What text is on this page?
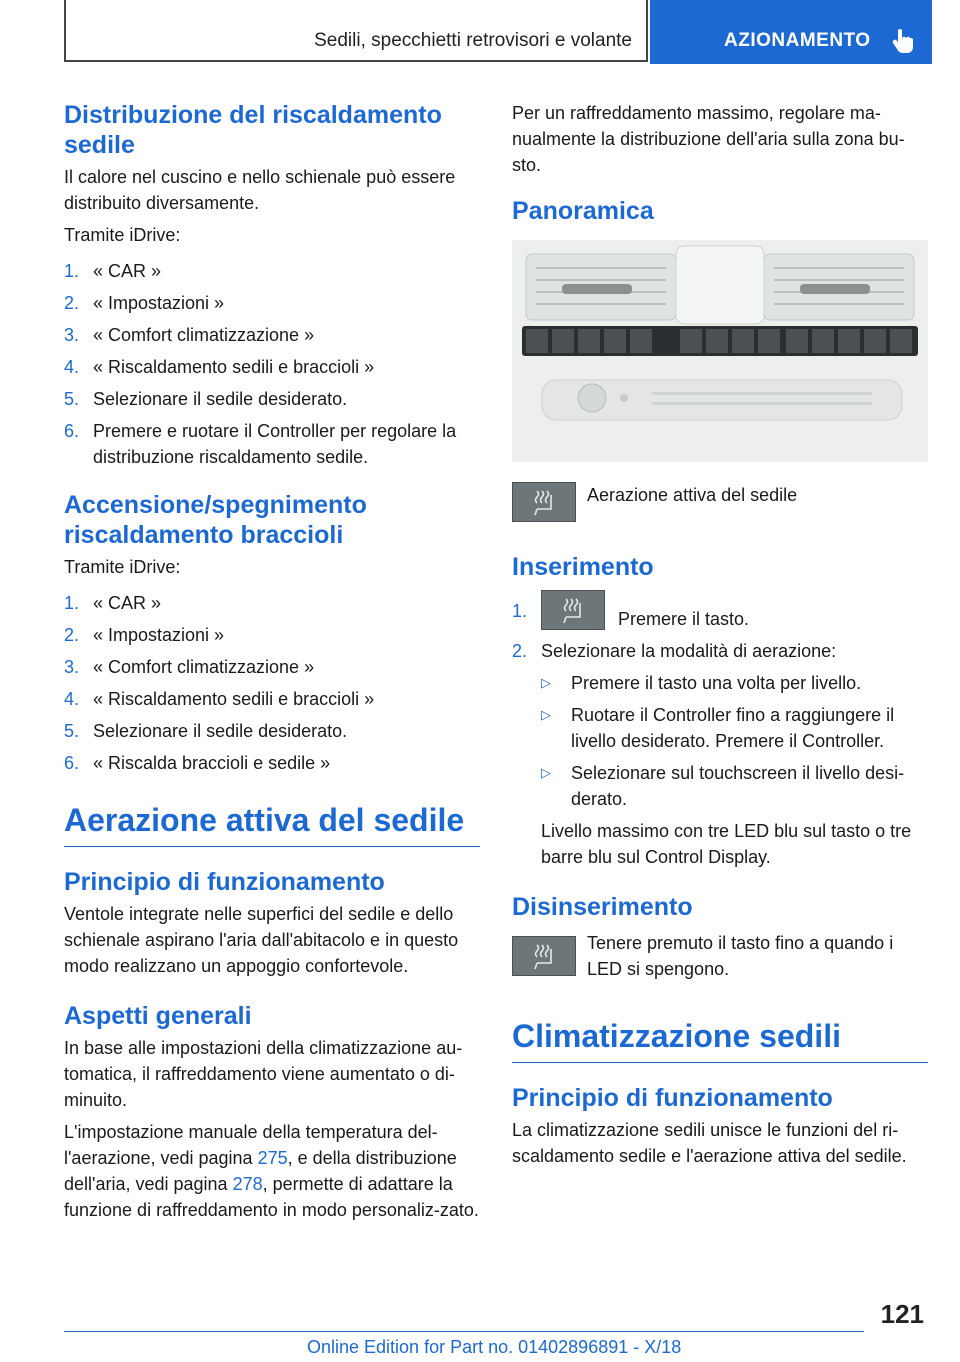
Sedili, specchietti retrovisori e volante	AZIONAMENTO
Distribuzione del riscaldamento sedile

Il calore nel cuscino e nello schienale può essere distribuito diversamente.

Tramite iDrive:

1. « CAR »
2. « Impostazioni »
3. « Comfort climatizzazione »
4. « Riscaldamento sedili e braccioli »
5. Selezionare il sedile desiderato.
6. Premere e ruotare il Controller per regolare la distribuzione riscaldamento sedile.
Accensione/spegnimento riscaldamento braccioli

Tramite iDrive:

1. « CAR »
2. « Impostazioni »
3. « Comfort climatizzazione »
4. « Riscaldamento sedili e braccioli »
5. Selezionare il sedile desiderato.
6. « Riscalda braccioli e sedile »
Aerazione attiva del sedile
Principio di funzionamento

Ventole integrate nelle superfici del sedile e dello schienale aspirano l'aria dall'abitacolo e in questo modo realizzano un appoggio confortevole.

Aspetti generali

In base alle impostazioni della climatizzazione au-tomatica, il raffreddamento viene aumentato o di-minuito.

L'impostazione manuale della temperatura del-l'aerazione, vedi pagina 275, e della distribuzione dell'aria, vedi pagina 278, permette di adattare la funzione di raffreddamento in modo personaliz-zato.

Per un raffreddamento massimo, regolare ma-nualmente la distribuzione dell'aria sulla zona bu-sto.

Panoramica
Aerazione attiva del sedile
Inserimento
1.	Premere il tasto.
2. Selezionare la modalità di aerazione:
▷ Premere il tasto una volta per livello.
▷ Ruotare il Controller fino a raggiungere il livello desiderato. Premere il Controller.
▷ Selezionare sul touchscreen il livello desi-derato.

Livello massimo con tre LED blu sul tasto o tre barre blu sul Control Display.

Disinserimento
Tenere premuto il tasto fino a quando i LED si spengono.
Climatizzazione sedili
Principio di funzionamento

La climatizzazione sedili unisce le funzioni del ri-scaldamento sedile e l'aerazione attiva del sedile.

121
Online Edition for Part no. 01402896891 - X/18
